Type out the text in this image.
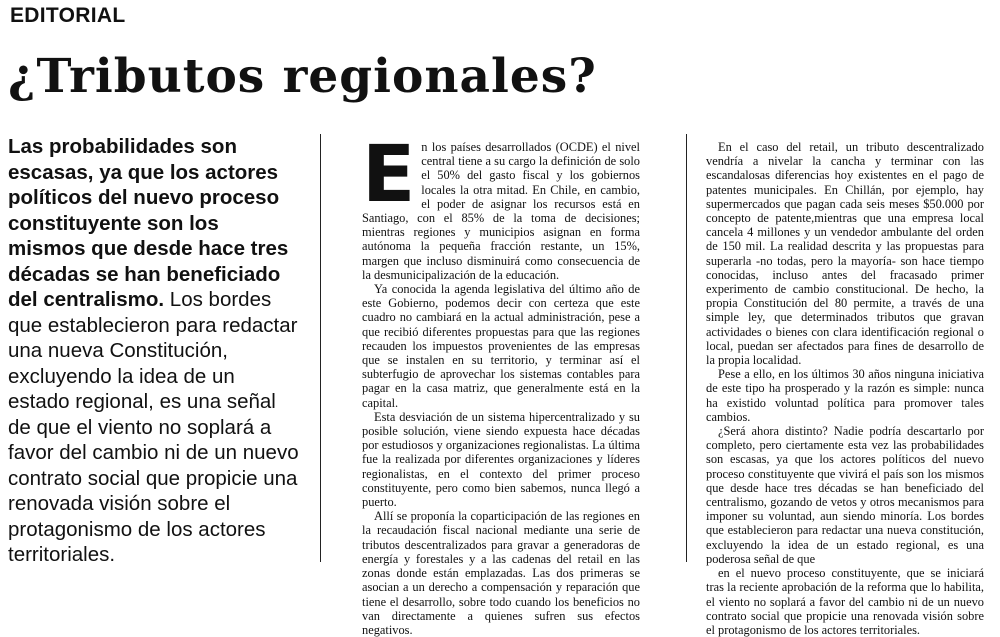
EDITORIAL
¿Tributos regionales?

Las probabilidades son escasas, ya que los actores políticos del nuevo proceso constituyente son los mismos que desde hace tres décadas se han beneficiado del centralismo. Los bordes que establecieron para redactar una nueva Constitución, excluyendo la idea de un estado regional, es una señal de que el viento no soplará a favor del cambio ni de un nuevo contrato social que propicie una renovada visión sobre el protagonismo de los actores territoriales.

En los países desarrollados (OCDE) el nivel central tiene a su cargo la definición de solo el 50% del gasto fiscal y los gobiernos locales la otra mitad. En Chile, en cambio, el poder de asignar los recursos está en Santiago, con el 85% de la toma de decisiones; mientras regiones y municipios asignan en forma autónoma la pequeña fracción restante, un 15%, margen que incluso disminuirá como consecuencia de la desmunicipalización de la educación.

Ya conocida la agenda legislativa del último año de este Gobierno, podemos decir con certeza que este cuadro no cambiará en la actual administración, pese a que recibió diferentes propuestas para que las regiones recauden los impuestos provenientes de las empresas que se instalen en su territorio, y terminar así el subterfugio de aprovechar los sistemas contables para pagar en la casa matriz, que generalmente está en la capital.

Esta desviación de un sistema hipercentralizado y su posible solución, viene siendo expuesta hace décadas por estudiosos y organizaciones regionalistas. La última fue la realizada por diferentes organizaciones y líderes regionalistas, en el contexto del primer proceso constituyente, pero como bien sabemos, nunca llegó a puerto.

Allí se proponía la coparticipación de las regiones en la recaudación fiscal nacional mediante una serie de tributos descentralizados para gravar a generadoras de energía y forestales y a las cadenas del retail en las zonas donde están emplazadas. Las dos primeras se asocian a un derecho a compensación y reparación que tiene el desarrollo, sobre todo cuando los beneficios no van directamente a quienes sufren sus efectos negativos.

En el caso del retail, un tributo descentralizado vendría a nivelar la cancha y terminar con las escandalosas diferencias hoy existentes en el pago de patentes municipales. En Chillán, por ejemplo, hay supermercados que pagan cada seis meses $50.000 por concepto de patente,mientras que una empresa local cancela 4 millones y un vendedor ambulante del orden de 150 mil. La realidad descrita y las propuestas para superarla -no todas, pero la mayoría- son hace tiempo conocidas, incluso antes del fracasado primer experimento de cambio constitucional. De hecho, la propia Constitución del 80 permite, a través de una simple ley, que determinados tributos que gravan actividades o bienes con clara identificación regional o local, puedan ser afectados para fines de desarrollo de la propia localidad.

Pese a ello, en los últimos 30 años ninguna iniciativa de este tipo ha prosperado y la razón es simple: nunca ha existido voluntad política para promover tales cambios.

¿Será ahora distinto? Nadie podría descartarlo por completo, pero ciertamente esta vez las probabilidades son escasas, ya que los actores políticos del nuevo proceso constituyente que vivirá el país son los mismos que desde hace tres décadas se han beneficiado del centralismo, gozando de vetos y otros mecanismos para imponer su voluntad, aun siendo minoría. Los bordes que establecieron para redactar una nueva constitución, excluyendo la idea de un estado regional, es una poderosa señal de que

en el nuevo proceso constituyente, que se iniciará tras la reciente aprobación de la reforma que lo habilita, el viento no soplará a favor del cambio ni de un nuevo contrato social que propicie una renovada visión sobre el protagonismo de los actores territoriales.
